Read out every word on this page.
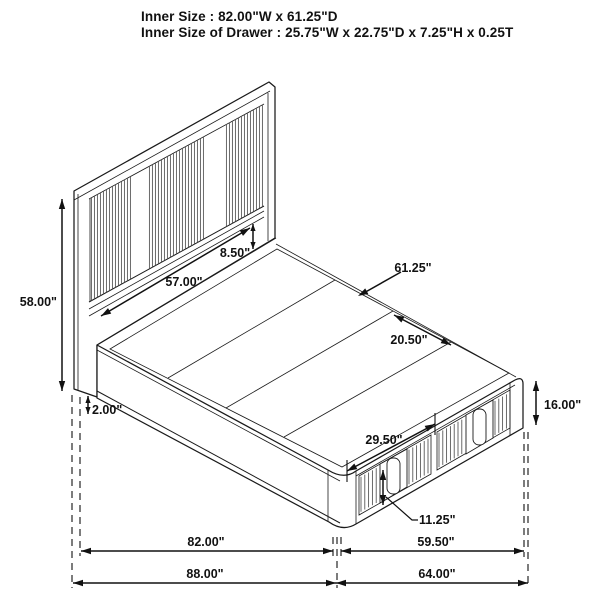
Inner Size : 82.00"W x 61.25"D
Inner Size of Drawer : 25.75"W x 22.75"D x 7.25"H x 0.25T
58.00"
2.00"
57.00"
8.50"
61.25"
20.50"
16.00"
29.50"
11.25"
82.00"	59.50"
88.00"	64.00"
